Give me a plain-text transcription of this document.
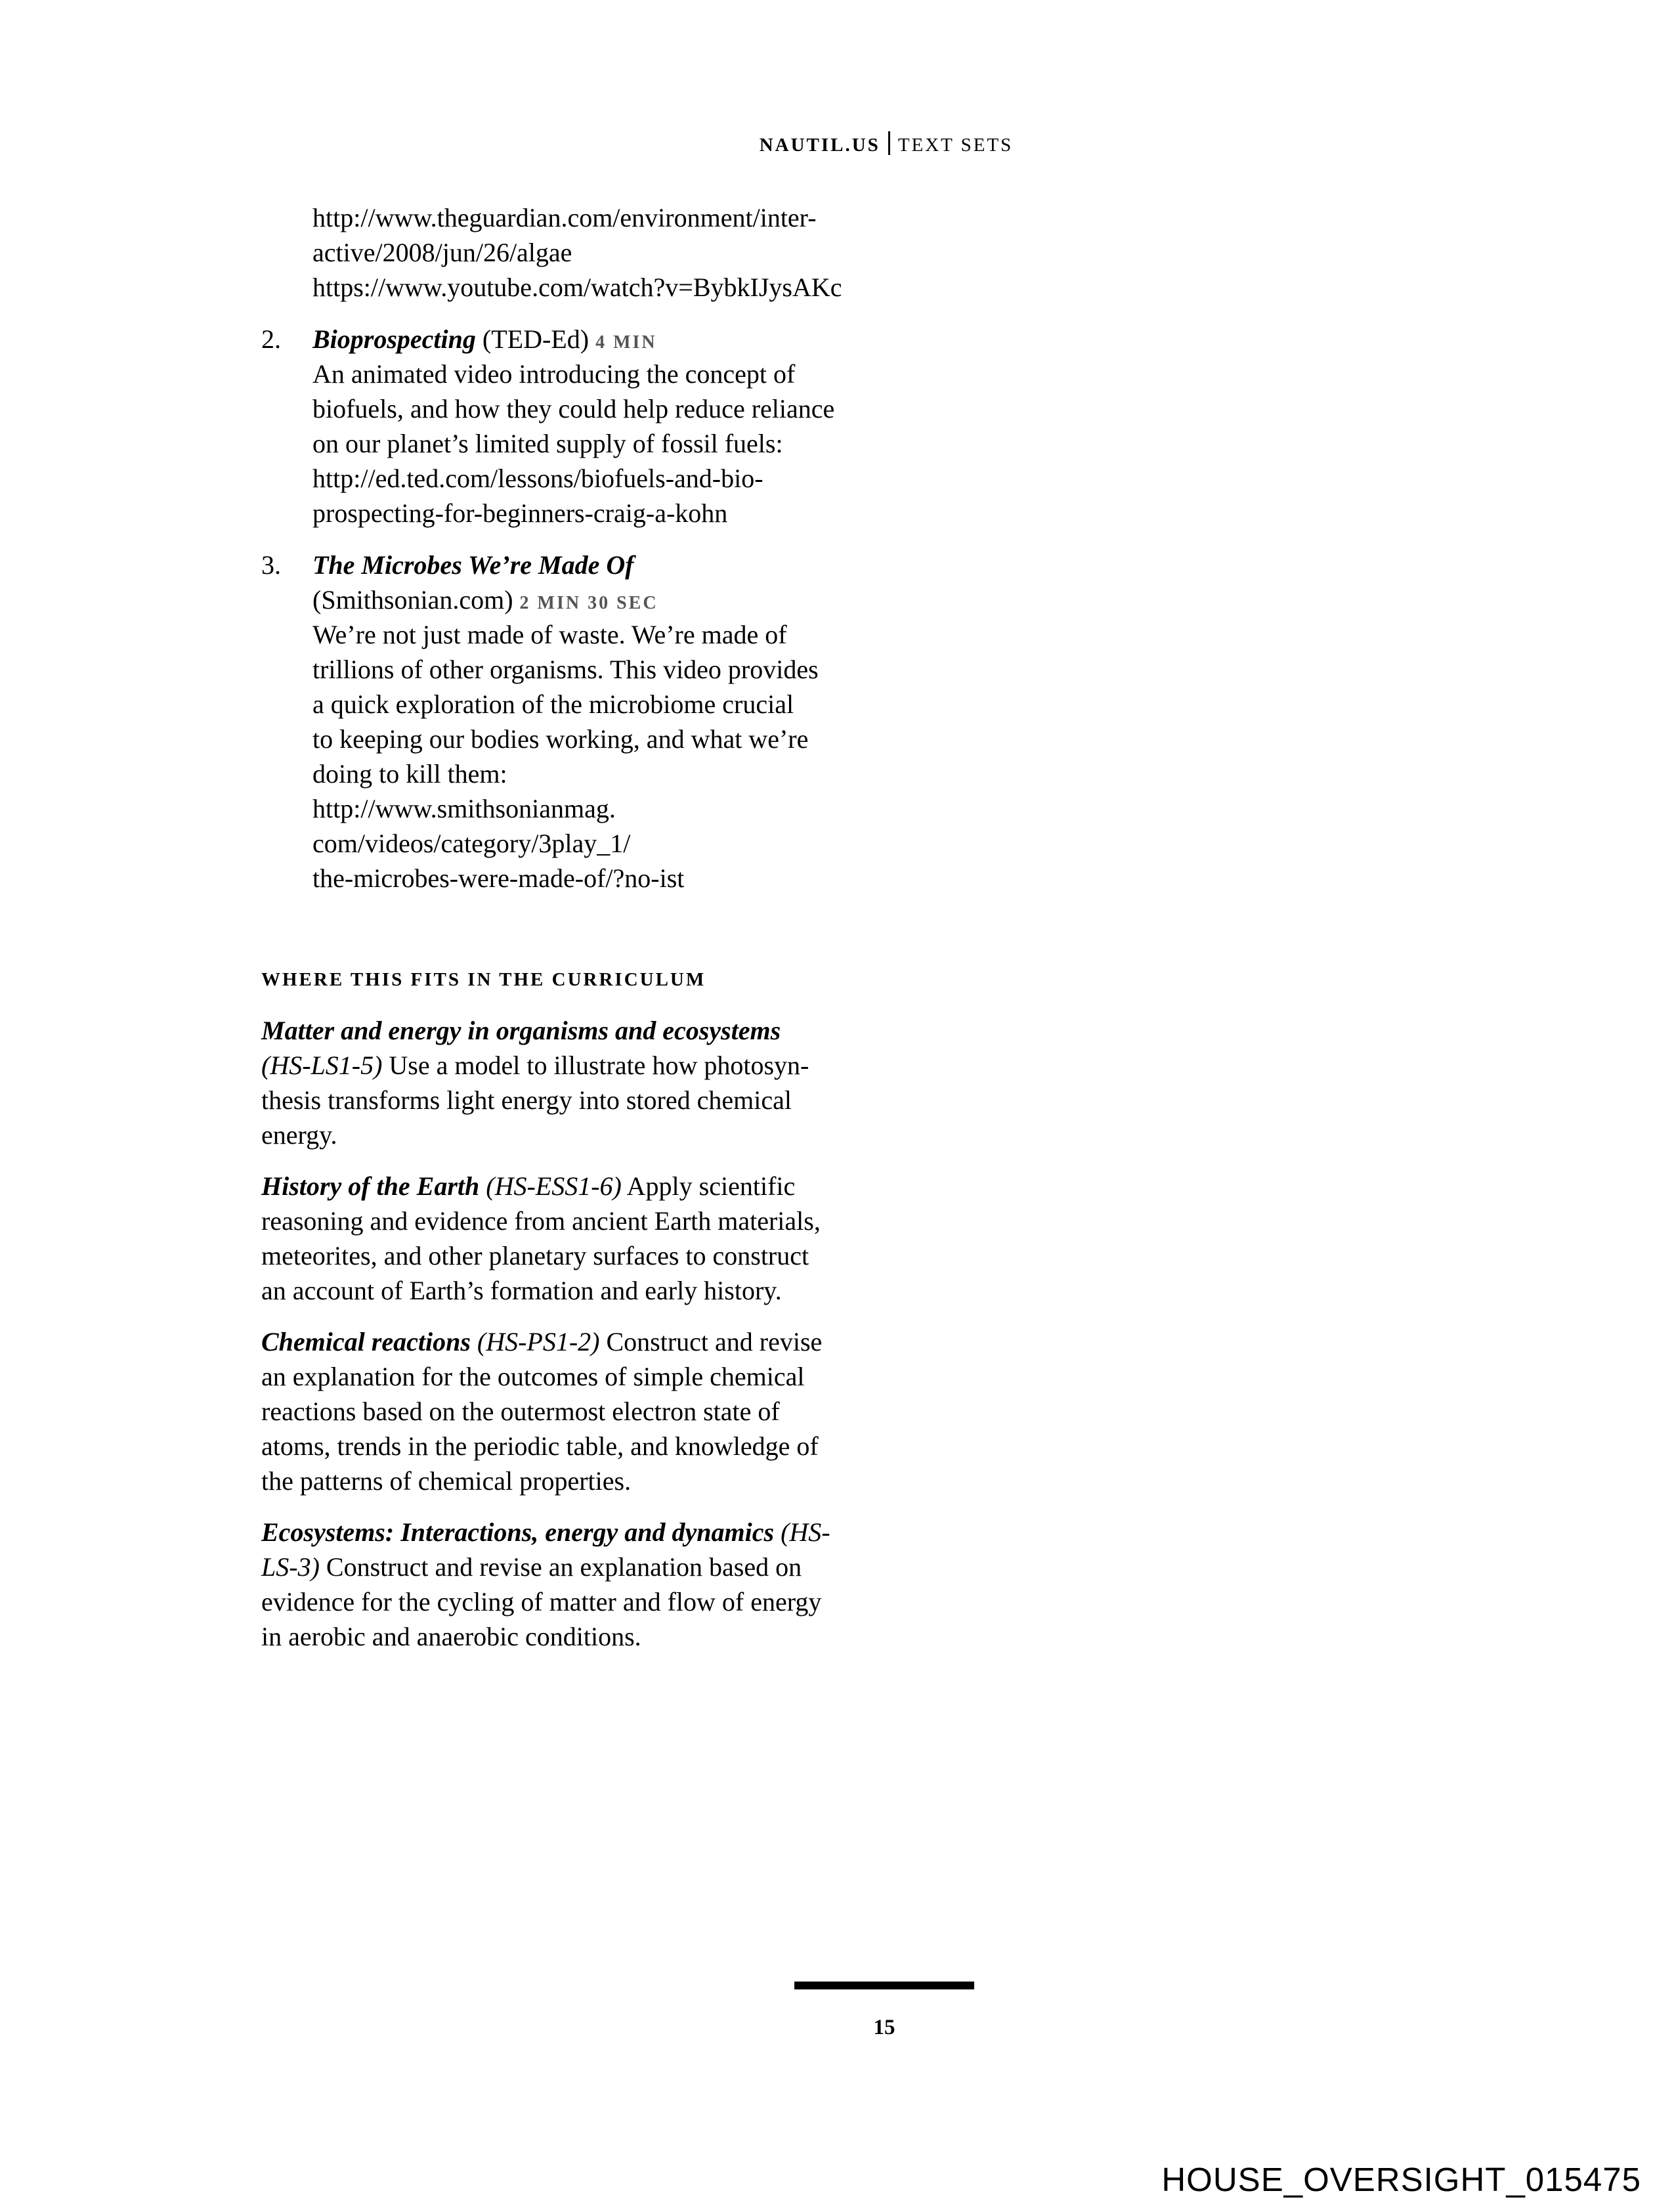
NAUTIL.US TEXT SETS
http://www.theguardian.com/environment/inter-
active/2008/jun/26/algae
https://www.youtube.com/watch?v=BybkIJysAKc
2. Bioprospecting (TED-Ed) 4 MIN
An animated video introducing the concept of
biofuels, and how they could help reduce reliance
on our planet’s limited supply of fossil fuels:
http://ed.ted.com/lessons/biofuels-and-bio-
prospecting-for-beginners-craig-a-kohn
3. The Microbes We’re Made Of
(Smithsonian.com) 2 MIN 30 SEC
We’re not just made of waste. We’re made of
trillions of other organisms. This video provides
a quick exploration of the microbiome crucial
to keeping our bodies working, and what we’re
doing to kill them:
http://www.smithsonianmag.
com/videos/category/3play_1/
the-microbes-were-made-of/?no-ist
WHERE THIS FITS IN THE CURRICULUM
Matter and energy in organisms and ecosystems
(HS-LS1-5) Use a model to illustrate how photosyn-
thesis transforms light energy into stored chemical
energy.
History of the Earth (HS-ESS1-6) Apply scientific
reasoning and evidence from ancient Earth materials,
meteorites, and other planetary surfaces to construct
an account of Earth’s formation and early history.
Chemical reactions (HS-PS1-2) Construct and revise
an explanation for the outcomes of simple chemical
reactions based on the outermost electron state of
atoms, trends in the periodic table, and knowledge of
the patterns of chemical properties.
Ecosystems: Interactions, energy and dynamics (HS-
LS-3) Construct and revise an explanation based on
evidence for the cycling of matter and flow of energy
in aerobic and anaerobic conditions.
15
HOUSE_OVERSIGHT_015475
